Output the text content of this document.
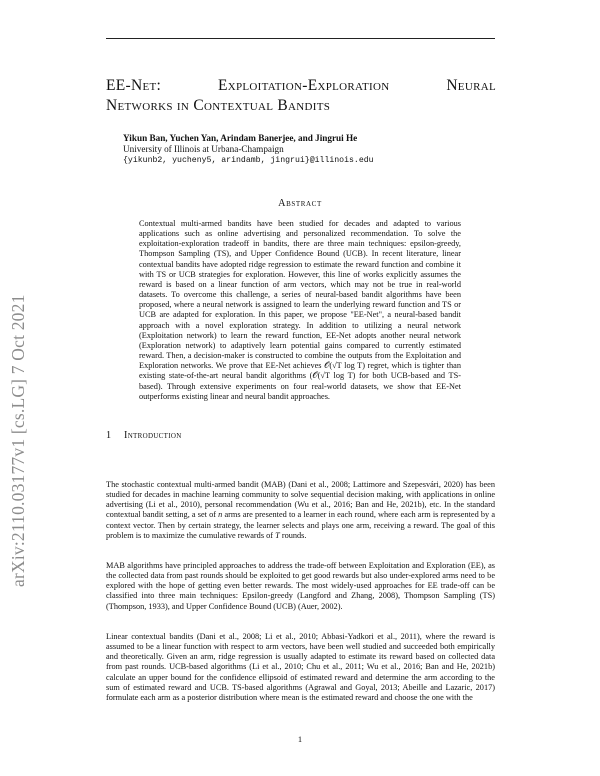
arXiv:2110.03177v1 [cs.LG] 7 Oct 2021
EE-Net:	Exploitation-Exploration	Neural
Networks in Contextual Bandits
Yikun Ban, Yuchen Yan, Arindam Banerjee, and Jingrui He
University of Illinois at Urbana-Champaign
{yikunb2, yucheny5, arindamb, jingrui}@illinois.edu
Abstract
Contextual multi-armed bandits have been studied for decades and adapted to various applications such as online advertising and personalized recommendation. To solve the exploitation-exploration tradeoff in bandits, there are three main techniques: epsilon-greedy, Thompson Sampling (TS), and Upper Confidence Bound (UCB). In recent literature, linear contextual bandits have adopted ridge regression to estimate the reward function and combine it with TS or UCB strategies for exploration. However, this line of works explicitly assumes the reward is based on a linear function of arm vectors, which may not be true in real-world datasets. To overcome this challenge, a series of neural-based bandit algorithms have been proposed, where a neural network is assigned to learn the underlying reward function and TS or UCB are adapted for exploration. In this paper, we propose "EE-Net", a neural-based bandit approach with a novel exploration strategy. In addition to utilizing a neural network (Exploitation network) to learn the reward function, EE-Net adopts another neural network (Exploration network) to adaptively learn potential gains compared to currently estimated reward. Then, a decision-maker is constructed to combine the outputs from the Exploitation and Exploration networks. We prove that EE-Net achieves 𝒪(√T log T) regret, which is tighter than existing state-of-the-art neural bandit algorithms (𝒪(√T log T) for both UCB-based and TS-based). Through extensive experiments on four real-world datasets, we show that EE-Net outperforms existing linear and neural bandit approaches.
1 Introduction

The stochastic contextual multi-armed bandit (MAB) (Dani et al., 2008; Lattimore and Szepesvári, 2020) has been studied for decades in machine learning community to solve sequential decision making, with applications in online advertising (Li et al., 2010), personal recommendation (Wu et al., 2016; Ban and He, 2021b), etc. In the standard contextual bandit setting, a set of n arms are presented to a learner in each round, where each arm is represented by a context vector. Then by certain strategy, the learner selects and plays one arm, receiving a reward. The goal of this problem is to maximize the cumulative rewards of T rounds.

MAB algorithms have principled approaches to address the trade-off between Exploitation and Exploration (EE), as the collected data from past rounds should be exploited to get good rewards but also under-explored arms need to be explored with the hope of getting even better rewards. The most widely-used approaches for EE trade-off can be classified into three main techniques: Epsilon-greedy (Langford and Zhang, 2008), Thompson Sampling (TS) (Thompson, 1933), and Upper Confidence Bound (UCB) (Auer, 2002).

Linear contextual bandits (Dani et al., 2008; Li et al., 2010; Abbasi-Yadkori et al., 2011), where the reward is assumed to be a linear function with respect to arm vectors, have been well studied and succeeded both empirically and theoretically. Given an arm, ridge regression is usually adapted to estimate its reward based on collected data from past rounds. UCB-based algorithms (Li et al., 2010; Chu et al., 2011; Wu et al., 2016; Ban and He, 2021b) calculate an upper bound for the confidence ellipsoid of estimated reward and determine the arm according to the sum of estimated reward and UCB. TS-based algorithms (Agrawal and Goyal, 2013; Abeille and Lazaric, 2017) formulate each arm as a posterior distribution where mean is the estimated reward and choose the one with the

1
